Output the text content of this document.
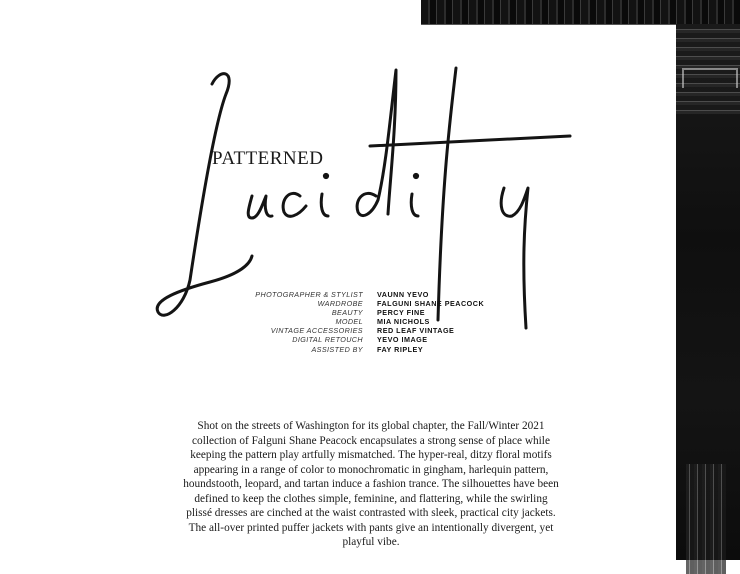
PATTERNED
PHOTOGRAPHER & STYLIST	VAUNN YEVO
WARDROBE	FALGUNI SHANE PEACOCK
BEAUTY	PERCY FINE
MODEL	MIA NICHOLS
VINTAGE ACCESSORIES	RED LEAF VINTAGE
DIGITAL RETOUCH	YEVO IMAGE
ASSISTED BY	FAY RIPLEY
Shot on the streets of Washington for its global chapter, the Fall/Winter 2021 collection of Falguni Shane Peacock encapsulates a strong sense of place while keeping the pattern play artfully mismatched. The hyper-real, ditzy floral motifs appearing in a range of color to monochromatic in gingham, harlequin pattern, houndstooth, leopard, and tartan induce a fashion trance. The silhouettes have been defined to keep the clothes simple, feminine, and flattering, while the swirling plissé dresses are cinched at the waist contrasted with sleek, practical city jackets. The all-over printed puffer jackets with pants give an intentionally divergent, yet playful vibe.
